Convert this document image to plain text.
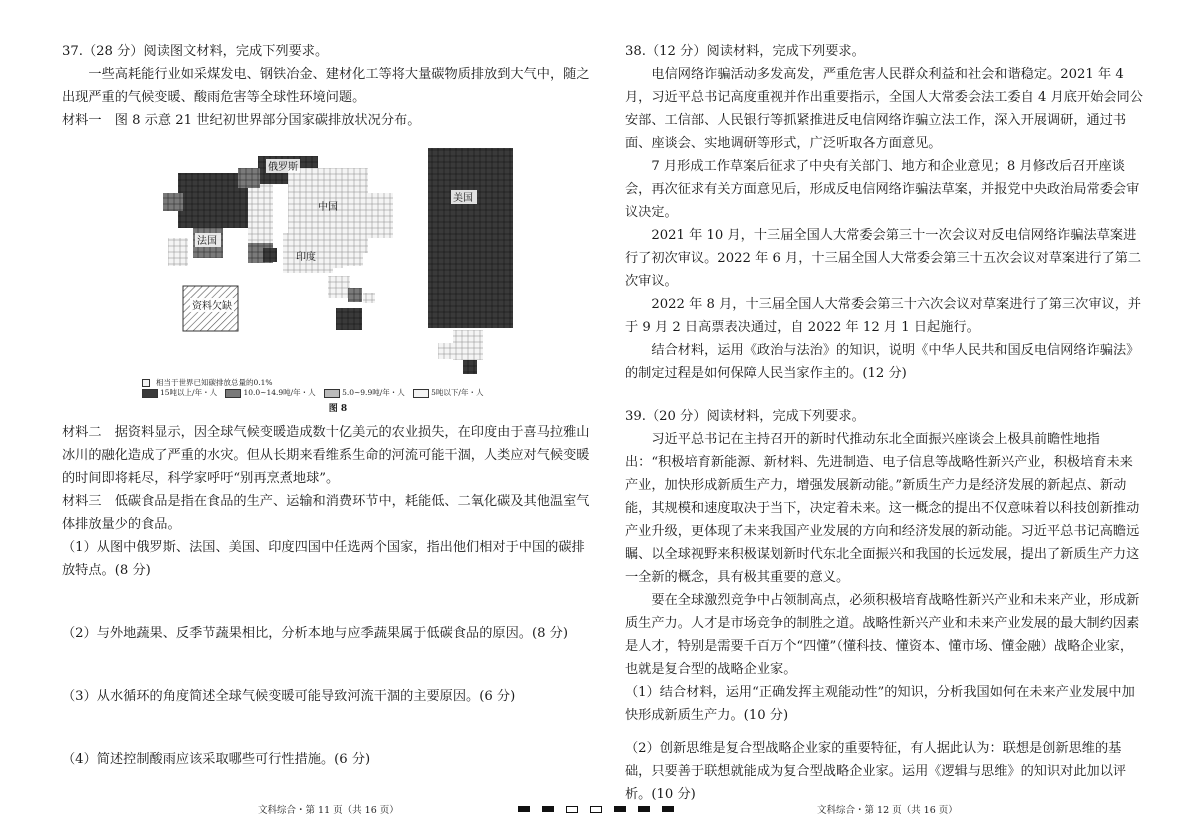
37.（28 分）阅读图文材料，完成下列要求。

一些高耗能行业如采煤发电、钢铁冶金、建材化工等将大量碳物质排放到大气中，随之出现严重的气候变暖、酸雨危害等全球性环境问题。

材料一　图 8 示意 21 世纪初世界部分国家碳排放状况分布。

俄罗斯
中国
美国
法国
印度
资料欠缺
相当于世界已知碳排放总量的0.1%
15吨以上/年・人	10.0~14.9吨/年・人	5.0~9.9吨/年・人	5吨以下/年・人
图 8

材料二　据资料显示，因全球气候变暖造成数十亿美元的农业损失，在印度由于喜马拉雅山冰川的融化造成了严重的水灾。但从长期来看维系生命的河流可能干涸，人类应对气候变暖的时间即将耗尽，科学家呼吁“别再烹煮地球”。

材料三　低碳食品是指在食品的生产、运输和消费环节中，耗能低、二氧化碳及其他温室气体排放量少的食品。

（1）从图中俄罗斯、法国、美国、印度四国中任选两个国家，指出他们相对于中国的碳排放特点。(8 分)

（2）与外地蔬果、反季节蔬果相比，分析本地与应季蔬果属于低碳食品的原因。(8 分)

（3）从水循环的角度简述全球气候变暖可能导致河流干涸的主要原因。(6 分)

（4）简述控制酸雨应该采取哪些可行性措施。(6 分)

38.（12 分）阅读材料，完成下列要求。

电信网络诈骗活动多发高发，严重危害人民群众利益和社会和谐稳定。2021 年 4 月，习近平总书记高度重视并作出重要指示，全国人大常委会法工委自 4 月底开始会同公安部、工信部、人民银行等抓紧推进反电信网络诈骗立法工作，深入开展调研，通过书面、座谈会、实地调研等形式，广泛听取各方面意见。

7 月形成工作草案后征求了中央有关部门、地方和企业意见；8 月修改后召开座谈会，再次征求有关方面意见后，形成反电信网络诈骗法草案，并报党中央政治局常委会审议决定。

2021 年 10 月，十三届全国人大常委会第三十一次会议对反电信网络诈骗法草案进行了初次审议。2022 年 6 月，十三届全国人大常委会第三十五次会议对草案进行了第二次审议。

2022 年 8 月，十三届全国人大常委会第三十六次会议对草案进行了第三次审议，并于 9 月 2 日高票表决通过，自 2022 年 12 月 1 日起施行。

结合材料，运用《政治与法治》的知识，说明《中华人民共和国反电信网络诈骗法》的制定过程是如何保障人民当家作主的。(12 分)

39.（20 分）阅读材料，完成下列要求。

习近平总书记在主持召开的新时代推动东北全面振兴座谈会上极具前瞻性地指出：“积极培育新能源、新材料、先进制造、电子信息等战略性新兴产业，积极培育未来产业，加快形成新质生产力，增强发展新动能。”新质生产力是经济发展的新起点、新动能，其规模和速度取决于当下，决定着未来。这一概念的提出不仅意味着以科技创新推动产业升级，更体现了未来我国产业发展的方向和经济发展的新动能。习近平总书记高瞻远瞩、以全球视野来积极谋划新时代东北全面振兴和我国的长远发展，提出了新质生产力这一全新的概念，具有极其重要的意义。

要在全球激烈竞争中占领制高点，必须积极培育战略性新兴产业和未来产业，形成新质生产力。人才是市场竞争的制胜之道。战略性新兴产业和未来产业发展的最大制约因素是人才，特别是需要千百万个“四懂”（懂科技、懂资本、懂市场、懂金融）战略企业家，也就是复合型的战略企业家。

（1）结合材料，运用“正确发挥主观能动性”的知识，分析我国如何在未来产业发展中加快形成新质生产力。(10 分)

（2）创新思维是复合型战略企业家的重要特征，有人据此认为：联想是创新思维的基础，只要善于联想就能成为复合型战略企业家。运用《逻辑与思维》的知识对此加以评析。(10 分)

文科综合・第 11 页（共 16 页）	文科综合・第 12 页（共 16 页）
